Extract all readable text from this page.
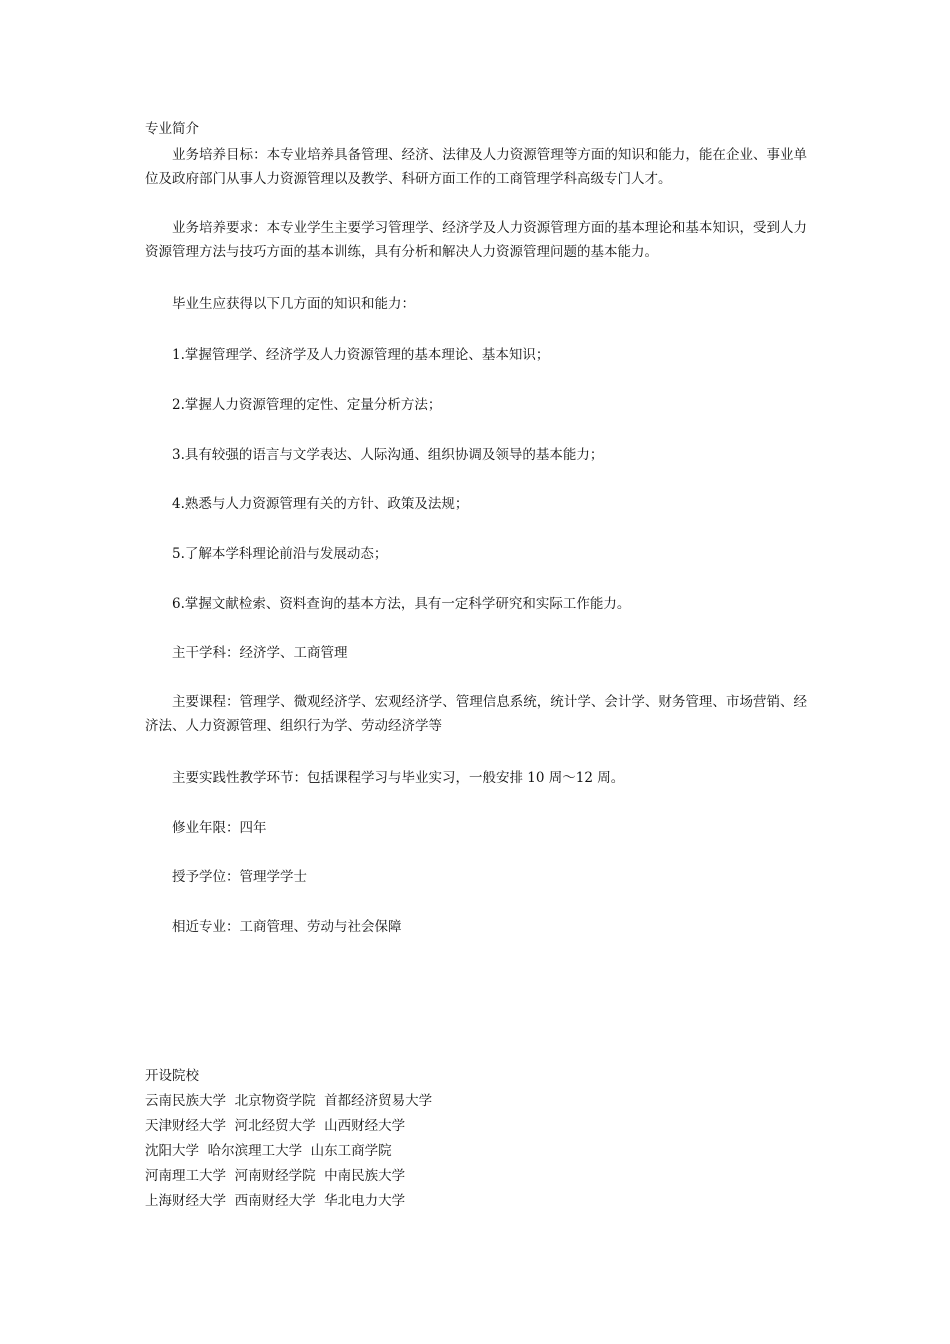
专业简介
业务培养目标：本专业培养具备管理、经济、法律及人力资源管理等方面的知识和能力，能在企业、事业单位及政府部门从事人力资源管理以及教学、科研方面工作的工商管理学科高级专门人才。
业务培养要求：本专业学生主要学习管理学、经济学及人力资源管理方面的基本理论和基本知识，受到人力资源管理方法与技巧方面的基本训练，具有分析和解决人力资源管理问题的基本能力。
毕业生应获得以下几方面的知识和能力：
1.掌握管理学、经济学及人力资源管理的基本理论、基本知识；
2.掌握人力资源管理的定性、定量分析方法；
3.具有较强的语言与文学表达、人际沟通、组织协调及领导的基本能力；
4.熟悉与人力资源管理有关的方针、政策及法规；
5.了解本学科理论前沿与发展动态；
6.掌握文献检索、资料查询的基本方法，具有一定科学研究和实际工作能力。
主干学科：经济学、工商管理
主要课程：管理学、微观经济学、宏观经济学、管理信息系统，统计学、会计学、财务管理、市场营销、经济法、人力资源管理、组织行为学、劳动经济学等
主要实践性教学环节：包括课程学习与毕业实习，一般安排 10 周～12 周。
修业年限：四年
授予学位：管理学学士
相近专业：工商管理、劳动与社会保障
开设院校
云南民族大学  北京物资学院  首都经济贸易大学
天津财经大学  河北经贸大学  山西财经大学
沈阳大学  哈尔滨理工大学  山东工商学院
河南理工大学  河南财经学院  中南民族大学
上海财经大学  西南财经大学  华北电力大学
